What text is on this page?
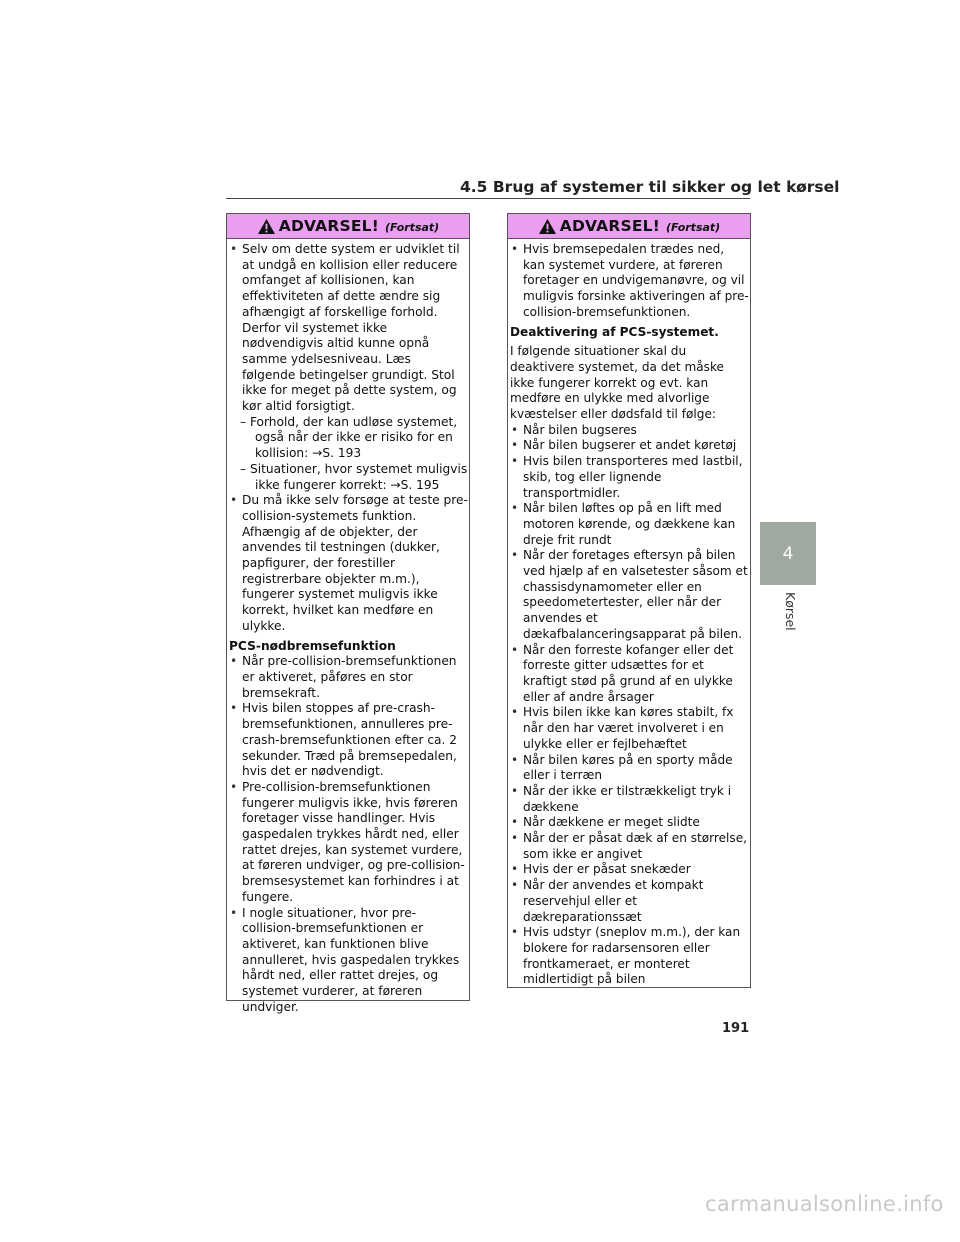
4.5 Brug af systemer til sikker og let kørsel
ADVARSEL! (Fortsat)
• Selv om dette system er udviklet til at undgå en kollision eller reducere omfanget af kollisionen, kan effektiviteten af dette ændre sig afhængigt af forskellige forhold. Derfor vil systemet ikke nødvendigvis altid kunne opnå samme ydelsesniveau. Læs følgende betingelser grundigt. Stol ikke for meget på dette system, og kør altid forsigtigt.
– Forhold, der kan udløse systemet, også når der ikke er risiko for en kollision: →S. 193
– Situationer, hvor systemet muligvis ikke fungerer korrekt: →S. 195
• Du må ikke selv forsøge at teste pre-collision-systemets funktion. Afhængig af de objekter, der anvendes til testningen (dukker, papfigurer, der forestiller registrerbare objekter m.m.), fungerer systemet muligvis ikke korrekt, hvilket kan medføre en ulykke.
PCS-nødbremsefunktion
• Når pre-collision-bremsefunktionen er aktiveret, påføres en stor bremsekraft.
• Hvis bilen stoppes af pre-crash-bremsefunktionen, annulleres pre-crash-bremsefunktionen efter ca. 2 sekunder. Træd på bremsepedalen, hvis det er nødvendigt.
• Pre-collision-bremsefunktionen fungerer muligvis ikke, hvis føreren foretager visse handlinger. Hvis gaspedalen trykkes hårdt ned, eller rattet drejes, kan systemet vurdere, at føreren undviger, og pre-collision-bremsesystemet kan forhindres i at fungere.
• I nogle situationer, hvor pre-collision-bremsefunktionen er aktiveret, kan funktionen blive annulleret, hvis gaspedalen trykkes hårdt ned, eller rattet drejes, og systemet vurderer, at føreren undviger.
ADVARSEL! (Fortsat)
• Hvis bremsepedalen trædes ned, kan systemet vurdere, at føreren foretager en undvigemanøvre, og vil muligvis forsinke aktiveringen af pre-collision-bremsefunktionen.
Deaktivering af PCS-systemet.
I følgende situationer skal du deaktivere systemet, da det måske ikke fungerer korrekt og evt. kan medføre en ulykke med alvorlige kvæstelser eller dødsfald til følge:
• Når bilen bugseres
• Når bilen bugserer et andet køretøj
• Hvis bilen transporteres med lastbil, skib, tog eller lignende transportmidler.
• Når bilen løftes op på en lift med motoren kørende, og dækkene kan dreje frit rundt
• Når der foretages eftersyn på bilen ved hjælp af en valsetester såsom et chassisdynamometer eller en speedometertester, eller når der anvendes et dækafbalanceringsapparat på bilen.
• Når den forreste kofanger eller det forreste gitter udsættes for et kraftigt stød på grund af en ulykke eller af andre årsager
• Hvis bilen ikke kan køres stabilt, fx når den har været involveret i en ulykke eller er fejlbehæftet
• Når bilen køres på en sporty måde eller i terræn
• Når der ikke er tilstrækkeligt tryk i dækkene
• Når dækkene er meget slidte
• Når der er påsat dæk af en størrelse, som ikke er angivet
• Hvis der er påsat snekæder
• Når der anvendes et kompakt reservehjul eller et dækreparationssæt
• Hvis udstyr (sneplov m.m.), der kan blokere for radarsensoren eller frontkameraet, er monteret midlertidigt på bilen
4
Kørsel
191
carmanualsonline.info
